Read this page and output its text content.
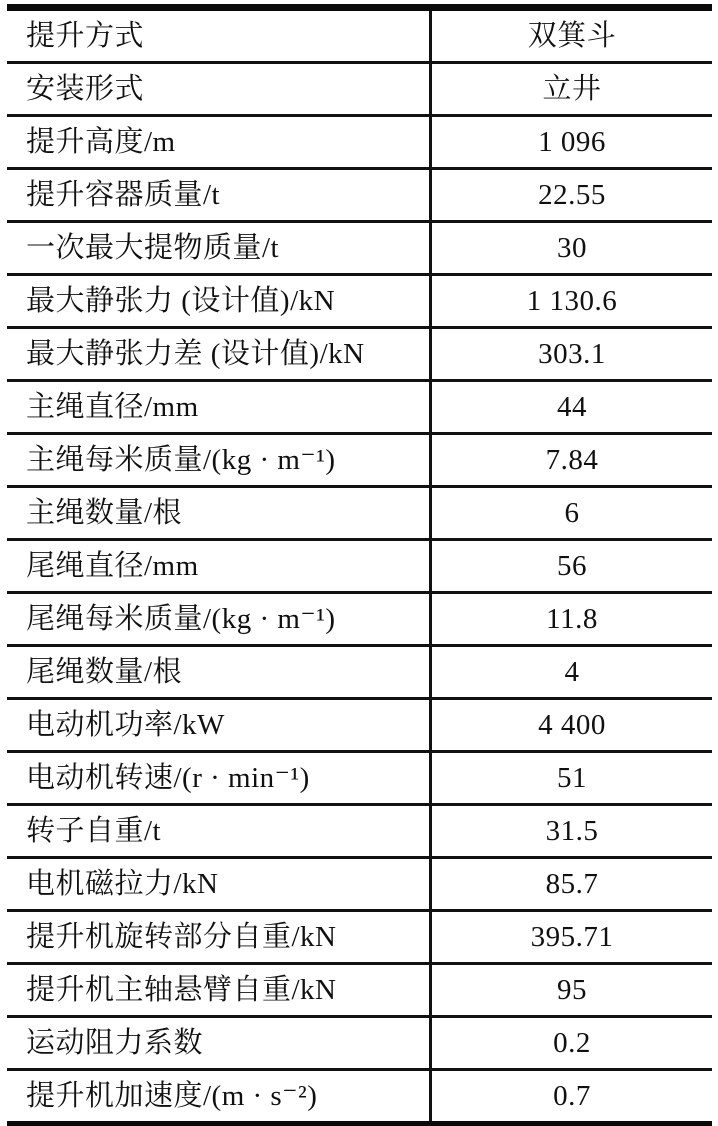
提升方式	双箕斗
安装形式	立井
提升高度/m	1 096
提升容器质量/t	22.55
一次最大提物质量/t	30
最大静张力 (设计值)/kN	1 130.6
最大静张力差 (设计值)/kN	303.1
主绳直径/mm	44
主绳每米质量/(kg · m⁻¹)	7.84
主绳数量/根	6
尾绳直径/mm	56
尾绳每米质量/(kg · m⁻¹)	11.8
尾绳数量/根	4
电动机功率/kW	4 400
电动机转速/(r · min⁻¹)	51
转子自重/t	31.5
电机磁拉力/kN	85.7
提升机旋转部分自重/kN	395.71
提升机主轴悬臂自重/kN	95
运动阻力系数	0.2
提升机加速度/(m · s⁻²)	0.7
